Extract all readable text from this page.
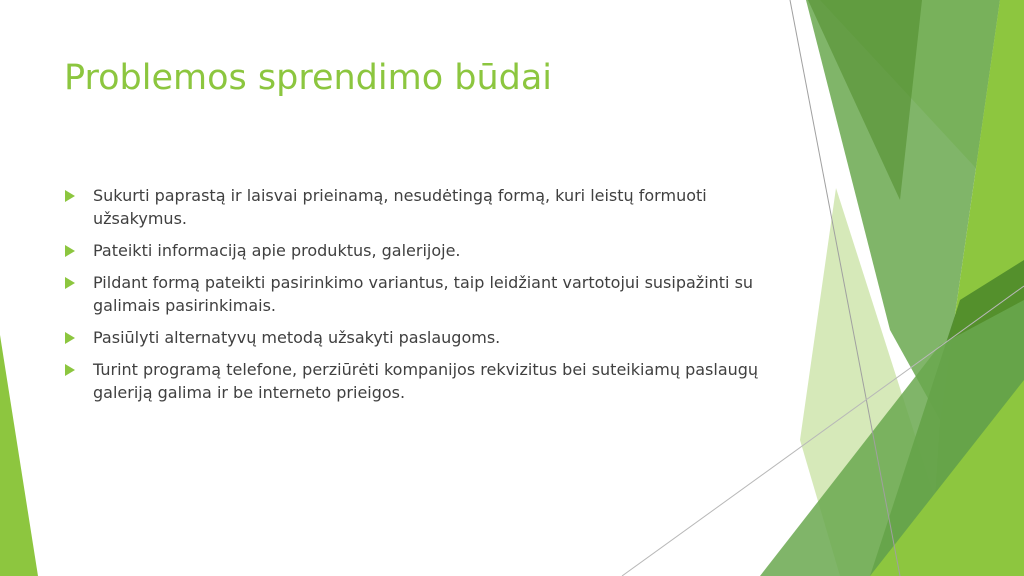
Problemos sprendimo būdai
Sukurti paprastą ir laisvai prieinamą, nesudėtingą formą, kuri leistų formuoti užsakymus.
Pateikti informaciją apie produktus, galerijoje.
Pildant formą pateikti pasirinkimo variantus, taip leidžiant vartotojui susipažinti su galimais pasirinkimais.
Pasiūlyti alternatyvų metodą užsakyti paslaugoms.
Turint programą telefone, perziūrėti kompanijos rekvizitus bei suteikiamų paslaugų galeriją galima ir be interneto prieigos.
